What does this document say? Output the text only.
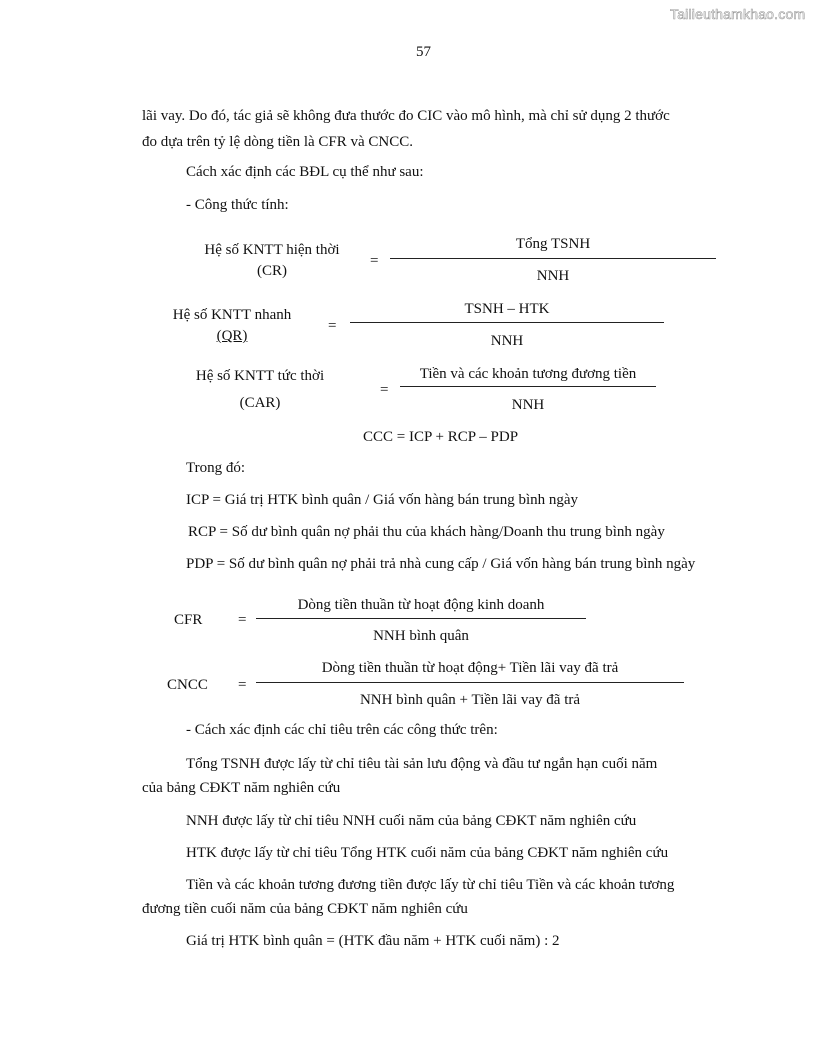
Tailieuthamkhao.com
57
lãi vay. Do đó, tác giả sẽ không đưa thước đo CIC vào mô hình, mà chỉ sử dụng 2 thước
đo dựa trên tỷ lệ dòng tiền là CFR và CNCC.
Cách xác định các BĐL cụ thể như sau:
- Công thức tính:
Hệ số KNTT hiện thời
(CR)
=
Tổng TSNH
NNH
Hệ số KNTT nhanh
(QR)
=
TSNH – HTK
NNH
Hệ số KNTT tức thời
(CAR)
=
Tiền và các khoản tương đương tiền
NNH
CCC = ICP + RCP – PDP
Trong đó:
ICP = Giá trị HTK bình quân / Giá vốn hàng bán trung bình ngày
RCP = Số dư bình quân nợ phải thu của khách hàng/Doanh thu trung bình ngày
PDP = Số dư bình quân nợ phải trả nhà cung cấp / Giá vốn hàng bán trung bình ngày
CFR =
Dòng tiền thuần từ hoạt động kinh doanh
NNH bình quân
CNCC =
Dòng tiền thuần từ hoạt động+ Tiền lãi vay đã trả
NNH bình quân + Tiền lãi vay đã trả
- Cách xác định các chỉ tiêu trên các công thức trên:
Tổng TSNH được lấy từ chỉ tiêu tài sản lưu động và đầu tư ngắn hạn cuối năm
của bảng CĐKT năm nghiên cứu
NNH được lấy từ chỉ tiêu NNH cuối năm của bảng CĐKT năm nghiên cứu
HTK được lấy từ chỉ tiêu Tổng HTK cuối năm của bảng CĐKT năm nghiên cứu
Tiền và các khoản tương đương tiền được lấy từ chỉ tiêu Tiền và các khoản tương
đương tiền cuối năm của bảng CĐKT năm nghiên cứu
Giá trị HTK bình quân = (HTK đầu năm + HTK cuối năm) : 2
